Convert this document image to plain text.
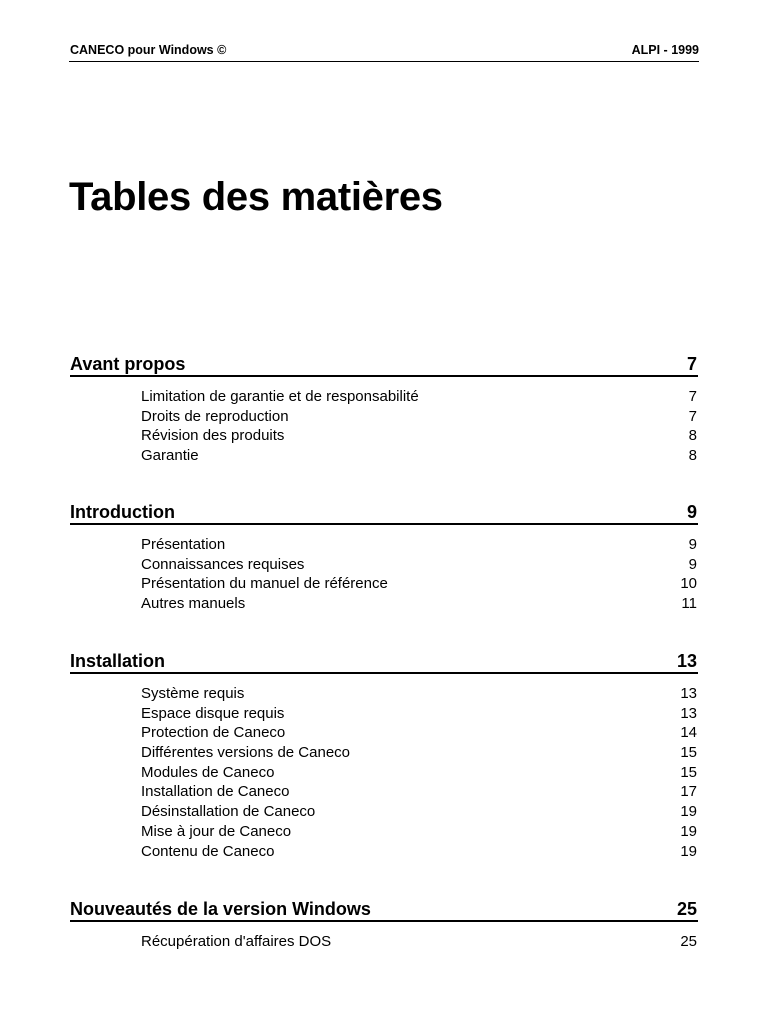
CANECO pour Windows ©	ALPI - 1999
Tables des matières
Avant propos	7
Limitation de garantie et de responsabilité	7
Droits de reproduction	7
Révision des produits	8
Garantie	8
Introduction	9
Présentation	9
Connaissances requises	9
Présentation du manuel de référence	10
Autres manuels	11
Installation	13
Système requis	13
Espace disque requis	13
Protection de Caneco	14
Différentes versions de Caneco	15
Modules de Caneco	15
Installation de Caneco	17
Désinstallation de Caneco	19
Mise à jour de Caneco	19
Contenu de Caneco	19
Nouveautés de la version Windows	25
Récupération d'affaires DOS	25
